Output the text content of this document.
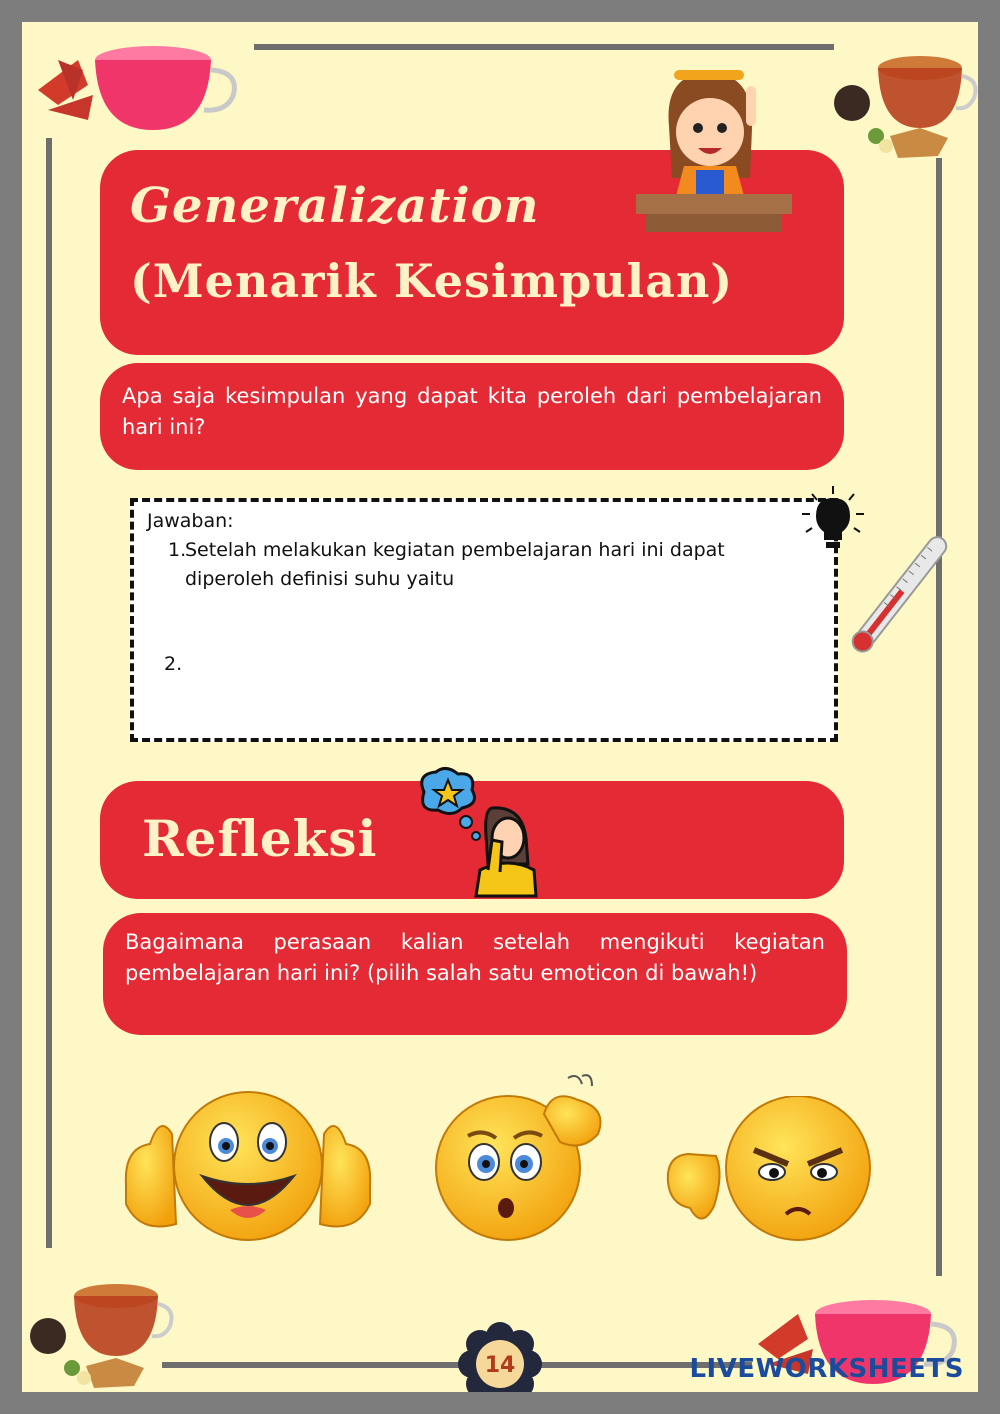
Generalization
(Menarik Kesimpulan)
Apa saja kesimpulan yang dapat kita peroleh dari pembelajaran hari ini?
Jawaban:
1.
Setelah melakukan kegiatan pembelajaran hari ini dapat diperoleh definisi suhu yaitu
2.
Refleksi
Bagaimana perasaan kalian setelah mengikuti kegiatan pembelajaran hari ini? (pilih salah satu emoticon di bawah!)
14	LIVEWORKSHEETS
